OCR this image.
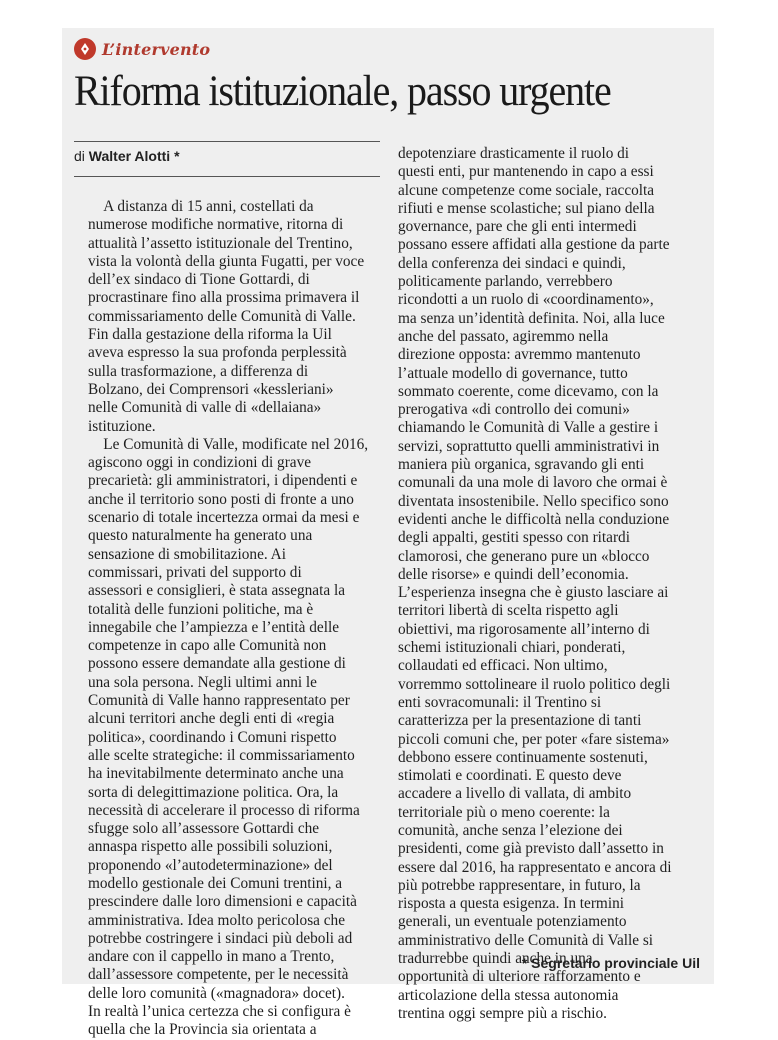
L’intervento
Riforma istituzionale, passo urgente
di Walter Alotti *
 A distanza di 15 anni, costellati da
numerose modifiche normative, ritorna di
attualità l’assetto istituzionale del Trentino,
vista la volontà della giunta Fugatti, per voce
dell’ex sindaco di Tione Gottardi, di
procrastinare fino alla prossima primavera il
commissariamento delle Comunità di Valle.
Fin dalla gestazione della riforma la Uil
aveva espresso la sua profonda perplessità
sulla trasformazione, a differenza di
Bolzano, dei Comprensori «kessleriani»
nelle Comunità di valle di «dellaiana»
istituzione.
 Le Comunità di Valle, modificate nel 2016,
agiscono oggi in condizioni di grave
precarietà: gli amministratori, i dipendenti e
anche il territorio sono posti di fronte a uno
scenario di totale incertezza ormai da mesi e
questo naturalmente ha generato una
sensazione di smobilitazione. Ai
commissari, privati del supporto di
assessori e consiglieri, è stata assegnata la
totalità delle funzioni politiche, ma è
innegabile che l’ampiezza e l’entità delle
competenze in capo alle Comunità non
possono essere demandate alla gestione di
una sola persona. Negli ultimi anni le
Comunità di Valle hanno rappresentato per
alcuni territori anche degli enti di «regia
politica», coordinando i Comuni rispetto
alle scelte strategiche: il commissariamento
ha inevitabilmente determinato anche una
sorta di delegittimazione politica. Ora, la
necessità di accelerare il processo di riforma
sfugge solo all’assessore Gottardi che
annaspa rispetto alle possibili soluzioni,
proponendo «l’autodeterminazione» del
modello gestionale dei Comuni trentini, a
prescindere dalle loro dimensioni e capacità
amministrativa. Idea molto pericolosa che
potrebbe costringere i sindaci più deboli ad
andare con il cappello in mano a Trento,
dall’assessore competente, per le necessità
delle loro comunità («magnadora» docet).
In realtà l’unica certezza che si configura è
quella che la Provincia sia orientata a
depotenziare drasticamente il ruolo di
questi enti, pur mantenendo in capo a essi
alcune competenze come sociale, raccolta
rifiuti e mense scolastiche; sul piano della
governance, pare che gli enti intermedi
possano essere affidati alla gestione da parte
della conferenza dei sindaci e quindi,
politicamente parlando, verrebbero
ricondotti a un ruolo di «coordinamento»,
ma senza un’identità definita. Noi, alla luce
anche del passato, agiremmo nella
direzione opposta: avremmo mantenuto
l’attuale modello di governance, tutto
sommato coerente, come dicevamo, con la
prerogativa «di controllo dei comuni»
chiamando le Comunità di Valle a gestire i
servizi, soprattutto quelli amministrativi in
maniera più organica, sgravando gli enti
comunali da una mole di lavoro che ormai è
diventata insostenibile. Nello specifico sono
evidenti anche le difficoltà nella conduzione
degli appalti, gestiti spesso con ritardi
clamorosi, che generano pure un «blocco
delle risorse» e quindi dell’economia.
L’esperienza insegna che è giusto lasciare ai
territori libertà di scelta rispetto agli
obiettivi, ma rigorosamente all’interno di
schemi istituzionali chiari, ponderati,
collaudati ed efficaci. Non ultimo,
vorremmo sottolineare il ruolo politico degli
enti sovracomunali: il Trentino si
caratterizza per la presentazione di tanti
piccoli comuni che, per poter «fare sistema»
debbono essere continuamente sostenuti,
stimolati e coordinati. E questo deve
accadere a livello di vallata, di ambito
territoriale più o meno coerente: la
comunità, anche senza l’elezione dei
presidenti, come già previsto dall’assetto in
essere dal 2016, ha rappresentato e ancora di
più potrebbe rappresentare, in futuro, la
risposta a questa esigenza. In termini
generali, un eventuale potenziamento
amministrativo delle Comunità di Valle si
tradurrebbe quindi anche in una
opportunità di ulteriore rafforzamento e
articolazione della stessa autonomia
trentina oggi sempre più a rischio.
* Segretario provinciale Uil
